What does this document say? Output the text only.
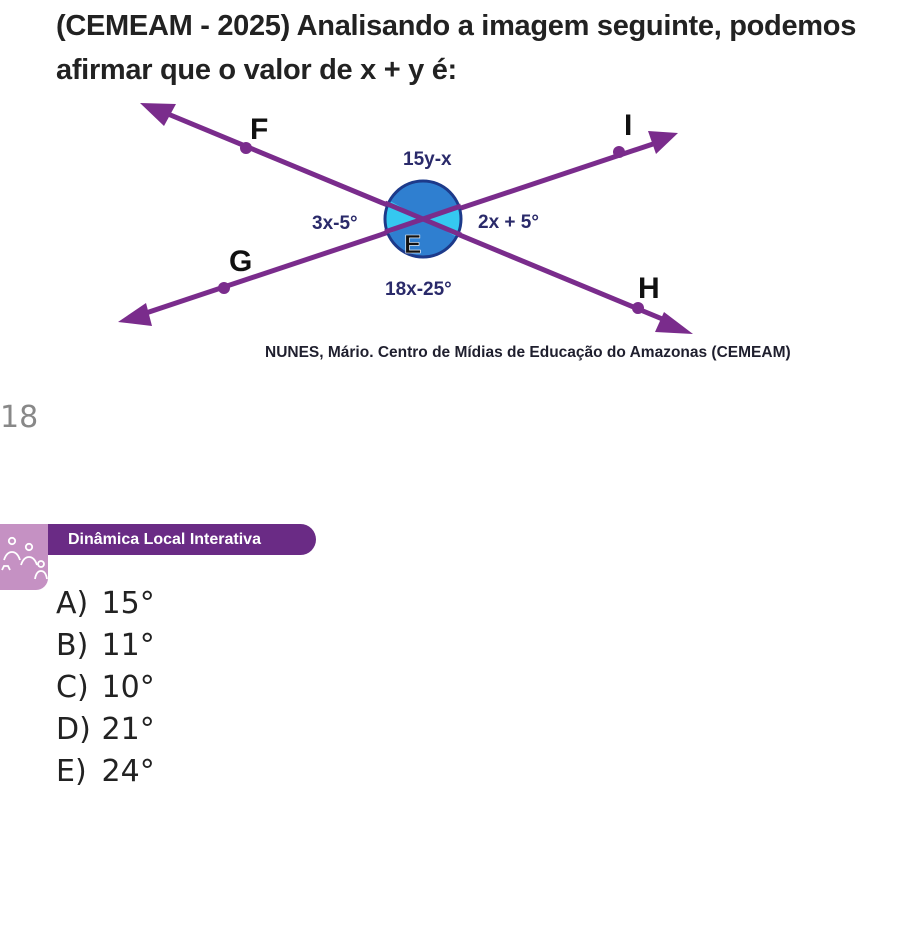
(CEMEAM - 2025) Analisando a imagem seguinte, podemos afirmar que o valor de x + y é:
F	I
G
H
E
15y-x
3x-5°	2x + 5°
18x-25°
NUNES, Mário. Centro de Mídias de Educação do Amazonas (CEMEAM)
18
Dinâmica Local Interativa
A) 15°
B) 11°
C) 10°
D) 21°
E) 24°
